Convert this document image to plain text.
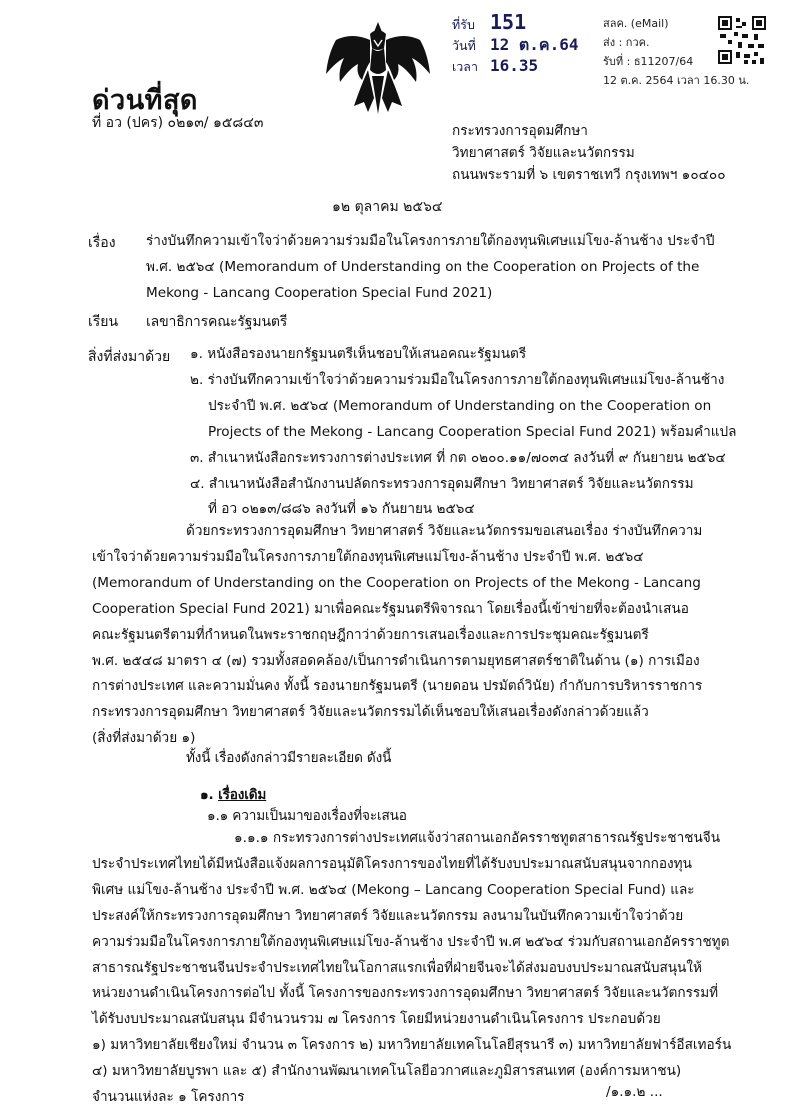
ด่วนที่สุด
ที่ อว (ปคร) ๐๒๑๓/ ๑๕๘๔๓
ที่รับ 151
วันที่ 12 ต.ค.64
เวลา 16.35
สลค. (eMail)
ส่ง : กวค.
รับที่ : ธ11207/64
12 ต.ค. 2564 เวลา 16.30 น.
กระทรวงการอุดมศึกษา
วิทยาศาสตร์ วิจัยและนวัตกรรม
ถนนพระรามที่ ๖ เขตราชเทวี กรุงเทพฯ ๑๐๔๐๐
๑๒ ตุลาคม ๒๕๖๔
เรื่อง ร่างบันทึกความเข้าใจว่าด้วยความร่วมมือในโครงการภายใต้กองทุนพิเศษแม่โขง-ล้านช้าง ประจำปี
พ.ศ. ๒๕๖๔ (Memorandum of Understanding on the Cooperation on Projects of the
Mekong - Lancang Cooperation Special Fund 2021)
เรียน เลขาธิการคณะรัฐมนตรี
สิ่งที่ส่งมาด้วย ๑. หนังสือรองนายกรัฐมนตรีเห็นชอบให้เสนอคณะรัฐมนตรี
๒. ร่างบันทึกความเข้าใจว่าด้วยความร่วมมือในโครงการภายใต้กองทุนพิเศษแม่โขง-ล้านช้าง
ประจำปี พ.ศ. ๒๕๖๔ (Memorandum of Understanding on the Cooperation on
Projects of the Mekong - Lancang Cooperation Special Fund 2021) พร้อมคำแปล
๓. สำเนาหนังสือกระทรวงการต่างประเทศ ที่ กต ๐๒๐๐.๑๑/๗๐๓๔ ลงวันที่ ๙ กันยายน ๒๕๖๔
๔. สำเนาหนังสือสำนักงานปลัดกระทรวงการอุดมศึกษา วิทยาศาสตร์ วิจัยและนวัตกรรม
ที่ อว ๐๒๑๓/๘๘๖ ลงวันที่ ๑๖ กันยายน ๒๕๖๔
ด้วยกระทรวงการอุดมศึกษา วิทยาศาสตร์ วิจัยและนวัตกรรมขอเสนอเรื่อง ร่างบันทึกความ
เข้าใจว่าด้วยความร่วมมือในโครงการภายใต้กองทุนพิเศษแม่โขง-ล้านช้าง ประจำปี พ.ศ. ๒๕๖๔
(Memorandum of Understanding on the Cooperation on Projects of the Mekong - Lancang
Cooperation Special Fund 2021) มาเพื่อคณะรัฐมนตรีพิจารณา โดยเรื่องนี้เข้าข่ายที่จะต้องนำเสนอ
คณะรัฐมนตรีตามที่กำหนดในพระราชกฤษฎีกาว่าด้วยการเสนอเรื่องและการประชุมคณะรัฐมนตรี
พ.ศ. ๒๕๔๘ มาตรา ๔ (๗) รวมทั้งสอดคล้อง/เป็นการดำเนินการตามยุทธศาสตร์ชาติในด้าน (๑) การเมือง
การต่างประเทศ และความมั่นคง ทั้งนี้ รองนายกรัฐมนตรี (นายดอน ปรมัตถ์วินัย) กำกับการบริหารราชการ
กระทรวงการอุดมศึกษา วิทยาศาสตร์ วิจัยและนวัตกรรมได้เห็นชอบให้เสนอเรื่องดังกล่าวด้วยแล้ว
(สิ่งที่ส่งมาด้วย ๑)
ทั้งนี้ เรื่องดังกล่าวมีรายละเอียด ดังนี้
๑. เรื่องเดิม
๑.๑ ความเป็นมาของเรื่องที่จะเสนอ
๑.๑.๑ กระทรวงการต่างประเทศแจ้งว่าสถานเอกอัครราชทูตสาธารณรัฐประชาชนจีน
ประจำประเทศไทยได้มีหนังสือแจ้งผลการอนุมัติโครงการของไทยที่ได้รับงบประมาณสนับสนุนจากกองทุน
พิเศษ แม่โขง-ล้านช้าง ประจำปี พ.ศ. ๒๕๖๔ (Mekong – Lancang Cooperation Special Fund) และ
ประสงค์ให้กระทรวงการอุดมศึกษา วิทยาศาสตร์ วิจัยและนวัตกรรม ลงนามในบันทึกความเข้าใจว่าด้วย
ความร่วมมือในโครงการภายใต้กองทุนพิเศษแม่โขง-ล้านช้าง ประจำปี พ.ศ ๒๕๖๔ ร่วมกับสถานเอกอัครราชทูต
สาธารณรัฐประชาชนจีนประจำประเทศไทยในโอกาสแรกเพื่อที่ฝ่ายจีนจะได้ส่งมอบงบประมาณสนับสนุนให้
หน่วยงานดำเนินโครงการต่อไป ทั้งนี้ โครงการของกระทรวงการอุดมศึกษา วิทยาศาสตร์ วิจัยและนวัตกรรมที่
ได้รับงบประมาณสนับสนุน มีจำนวนรวม ๗ โครงการ โดยมีหน่วยงานดำเนินโครงการ ประกอบด้วย
๑) มหาวิทยาลัยเชียงใหม่ จำนวน ๓ โครงการ ๒) มหาวิทยาลัยเทคโนโลยีสุรนารี ๓) มหาวิทยาลัยฟาร์อีสเทอร์น
๔) มหาวิทยาลัยบูรพา และ ๕) สำนักงานพัฒนาเทคโนโลยีอวกาศและภูมิสารสนเทศ (องค์การมหาชน)
จำนวนแห่งละ ๑ โครงการ	/๑.๑.๒ ...
